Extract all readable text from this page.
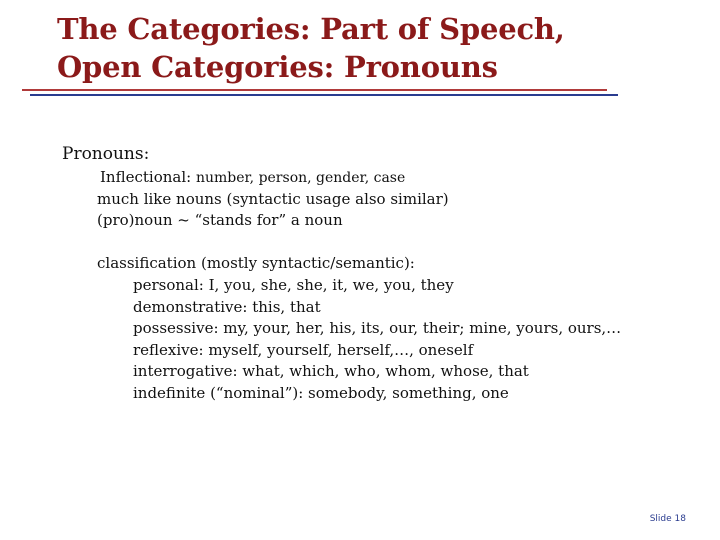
The Categories: Part of Speech,
Open Categories: Pronouns
Pronouns:
Inflectional: number, person, gender, case
much like nouns (syntactic usage also similar)
(pro)noun ~ “stands for” a noun
classification (mostly syntactic/semantic):
personal: I, you, she, she, it, we, you, they
demonstrative: this, that
possessive: my, your, her, his, its, our, their; mine, yours, ours,…
reflexive: myself, yourself, herself,…, oneself
interrogative: what, which, who, whom, whose, that
indefinite (“nominal”): somebody, something, one
Slide 18
